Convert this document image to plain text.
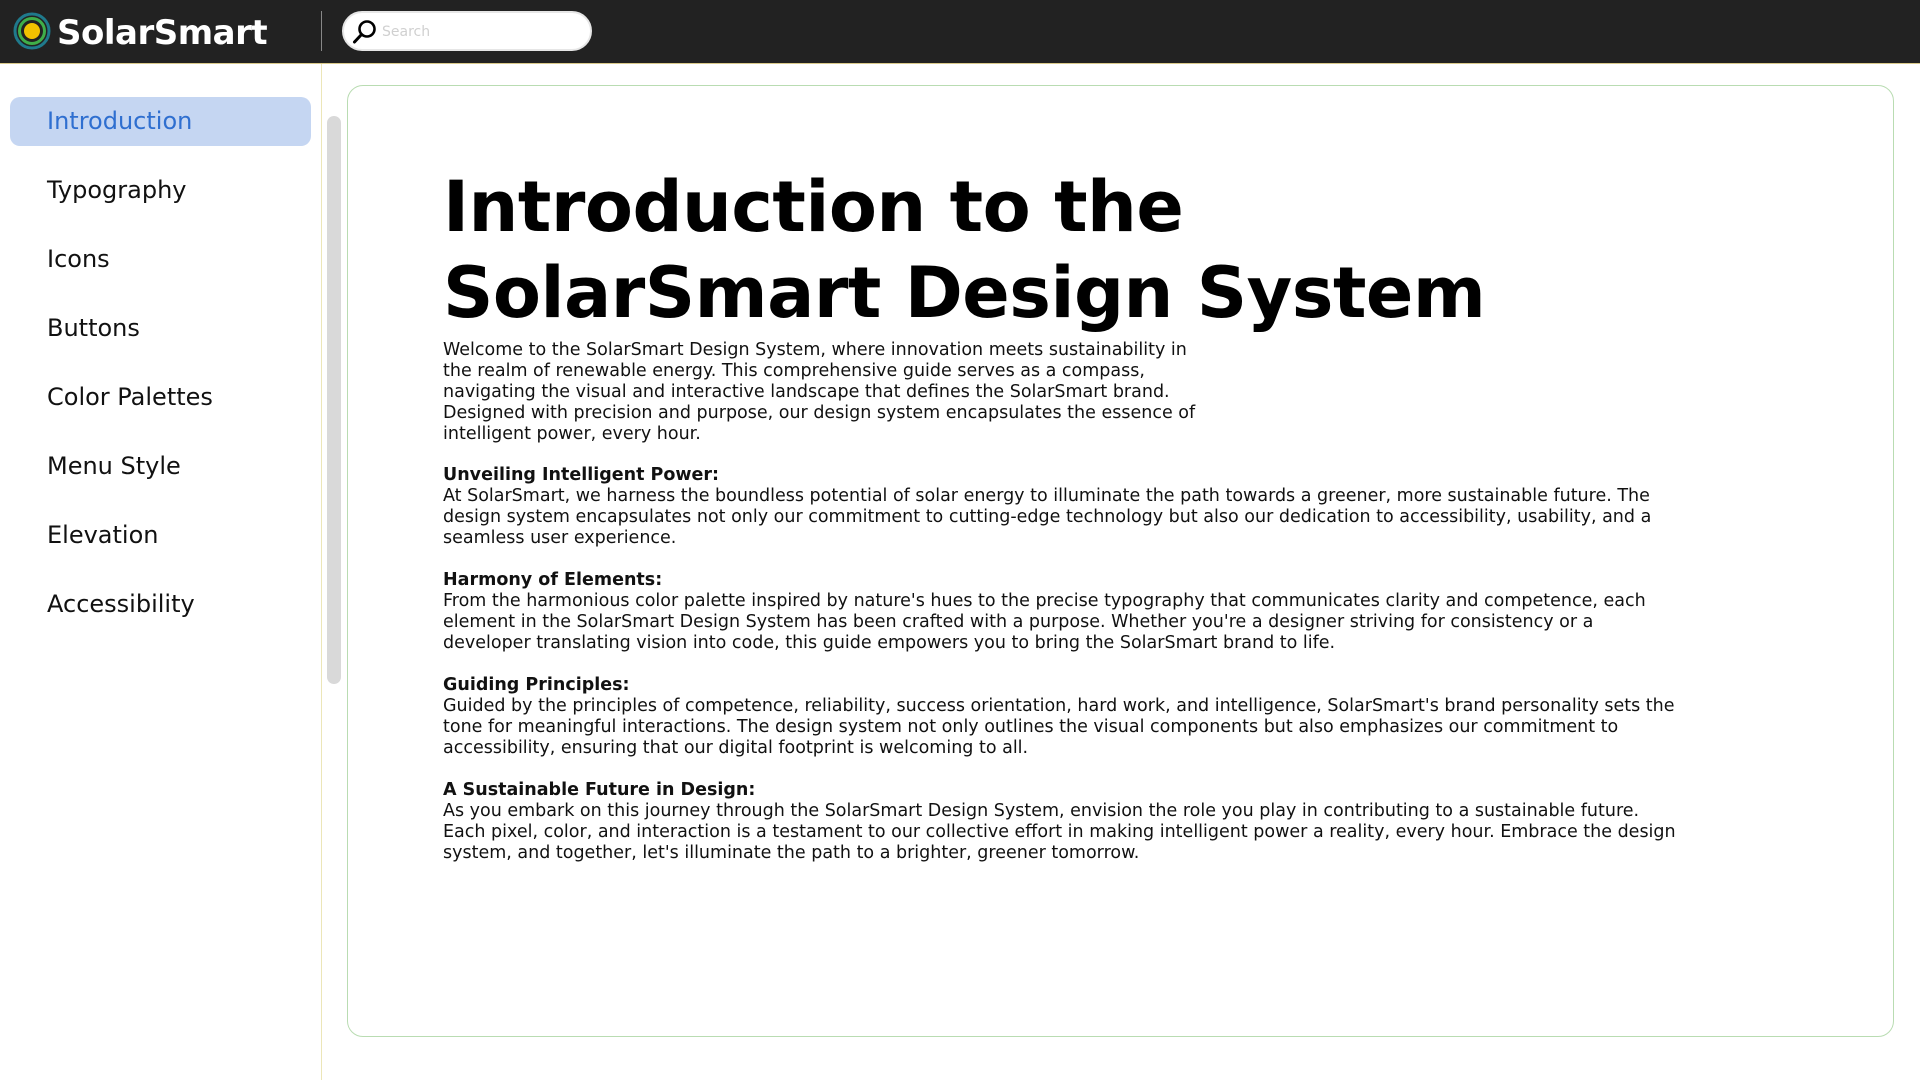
SolarSmart
Search
Introduction
Typography
Icons
Buttons
Color Palettes
Menu Style
Elevation
Accessibility
Introduction to the SolarSmart Design System

Welcome to the SolarSmart Design System, where innovation meets sustainability in the realm of renewable energy. This comprehensive guide serves as a compass, navigating the visual and interactive landscape that defines the SolarSmart brand. Designed with precision and purpose, our design system encapsulates the essence of intelligent power, every hour.

Unveiling Intelligent Power:
At SolarSmart, we harness the boundless potential of solar energy to illuminate the path towards a greener, more sustainable future. The design system encapsulates not only our commitment to cutting-edge technology but also our dedication to accessibility, usability, and a seamless user experience.
Harmony of Elements:
From the harmonious color palette inspired by nature's hues to the precise typography that communicates clarity and competence, each element in the SolarSmart Design System has been crafted with a purpose. Whether you're a designer striving for consistency or a developer translating vision into code, this guide empowers you to bring the SolarSmart brand to life.
Guiding Principles:
Guided by the principles of competence, reliability, success orientation, hard work, and intelligence, SolarSmart's brand personality sets the tone for meaningful interactions. The design system not only outlines the visual components but also emphasizes our commitment to accessibility, ensuring that our digital footprint is welcoming to all.
A Sustainable Future in Design:
As you embark on this journey through the SolarSmart Design System, envision the role you play in contributing to a sustainable future. Each pixel, color, and interaction is a testament to our collective effort in making intelligent power a reality, every hour. Embrace the design system, and together, let's illuminate the path to a brighter, greener tomorrow.
